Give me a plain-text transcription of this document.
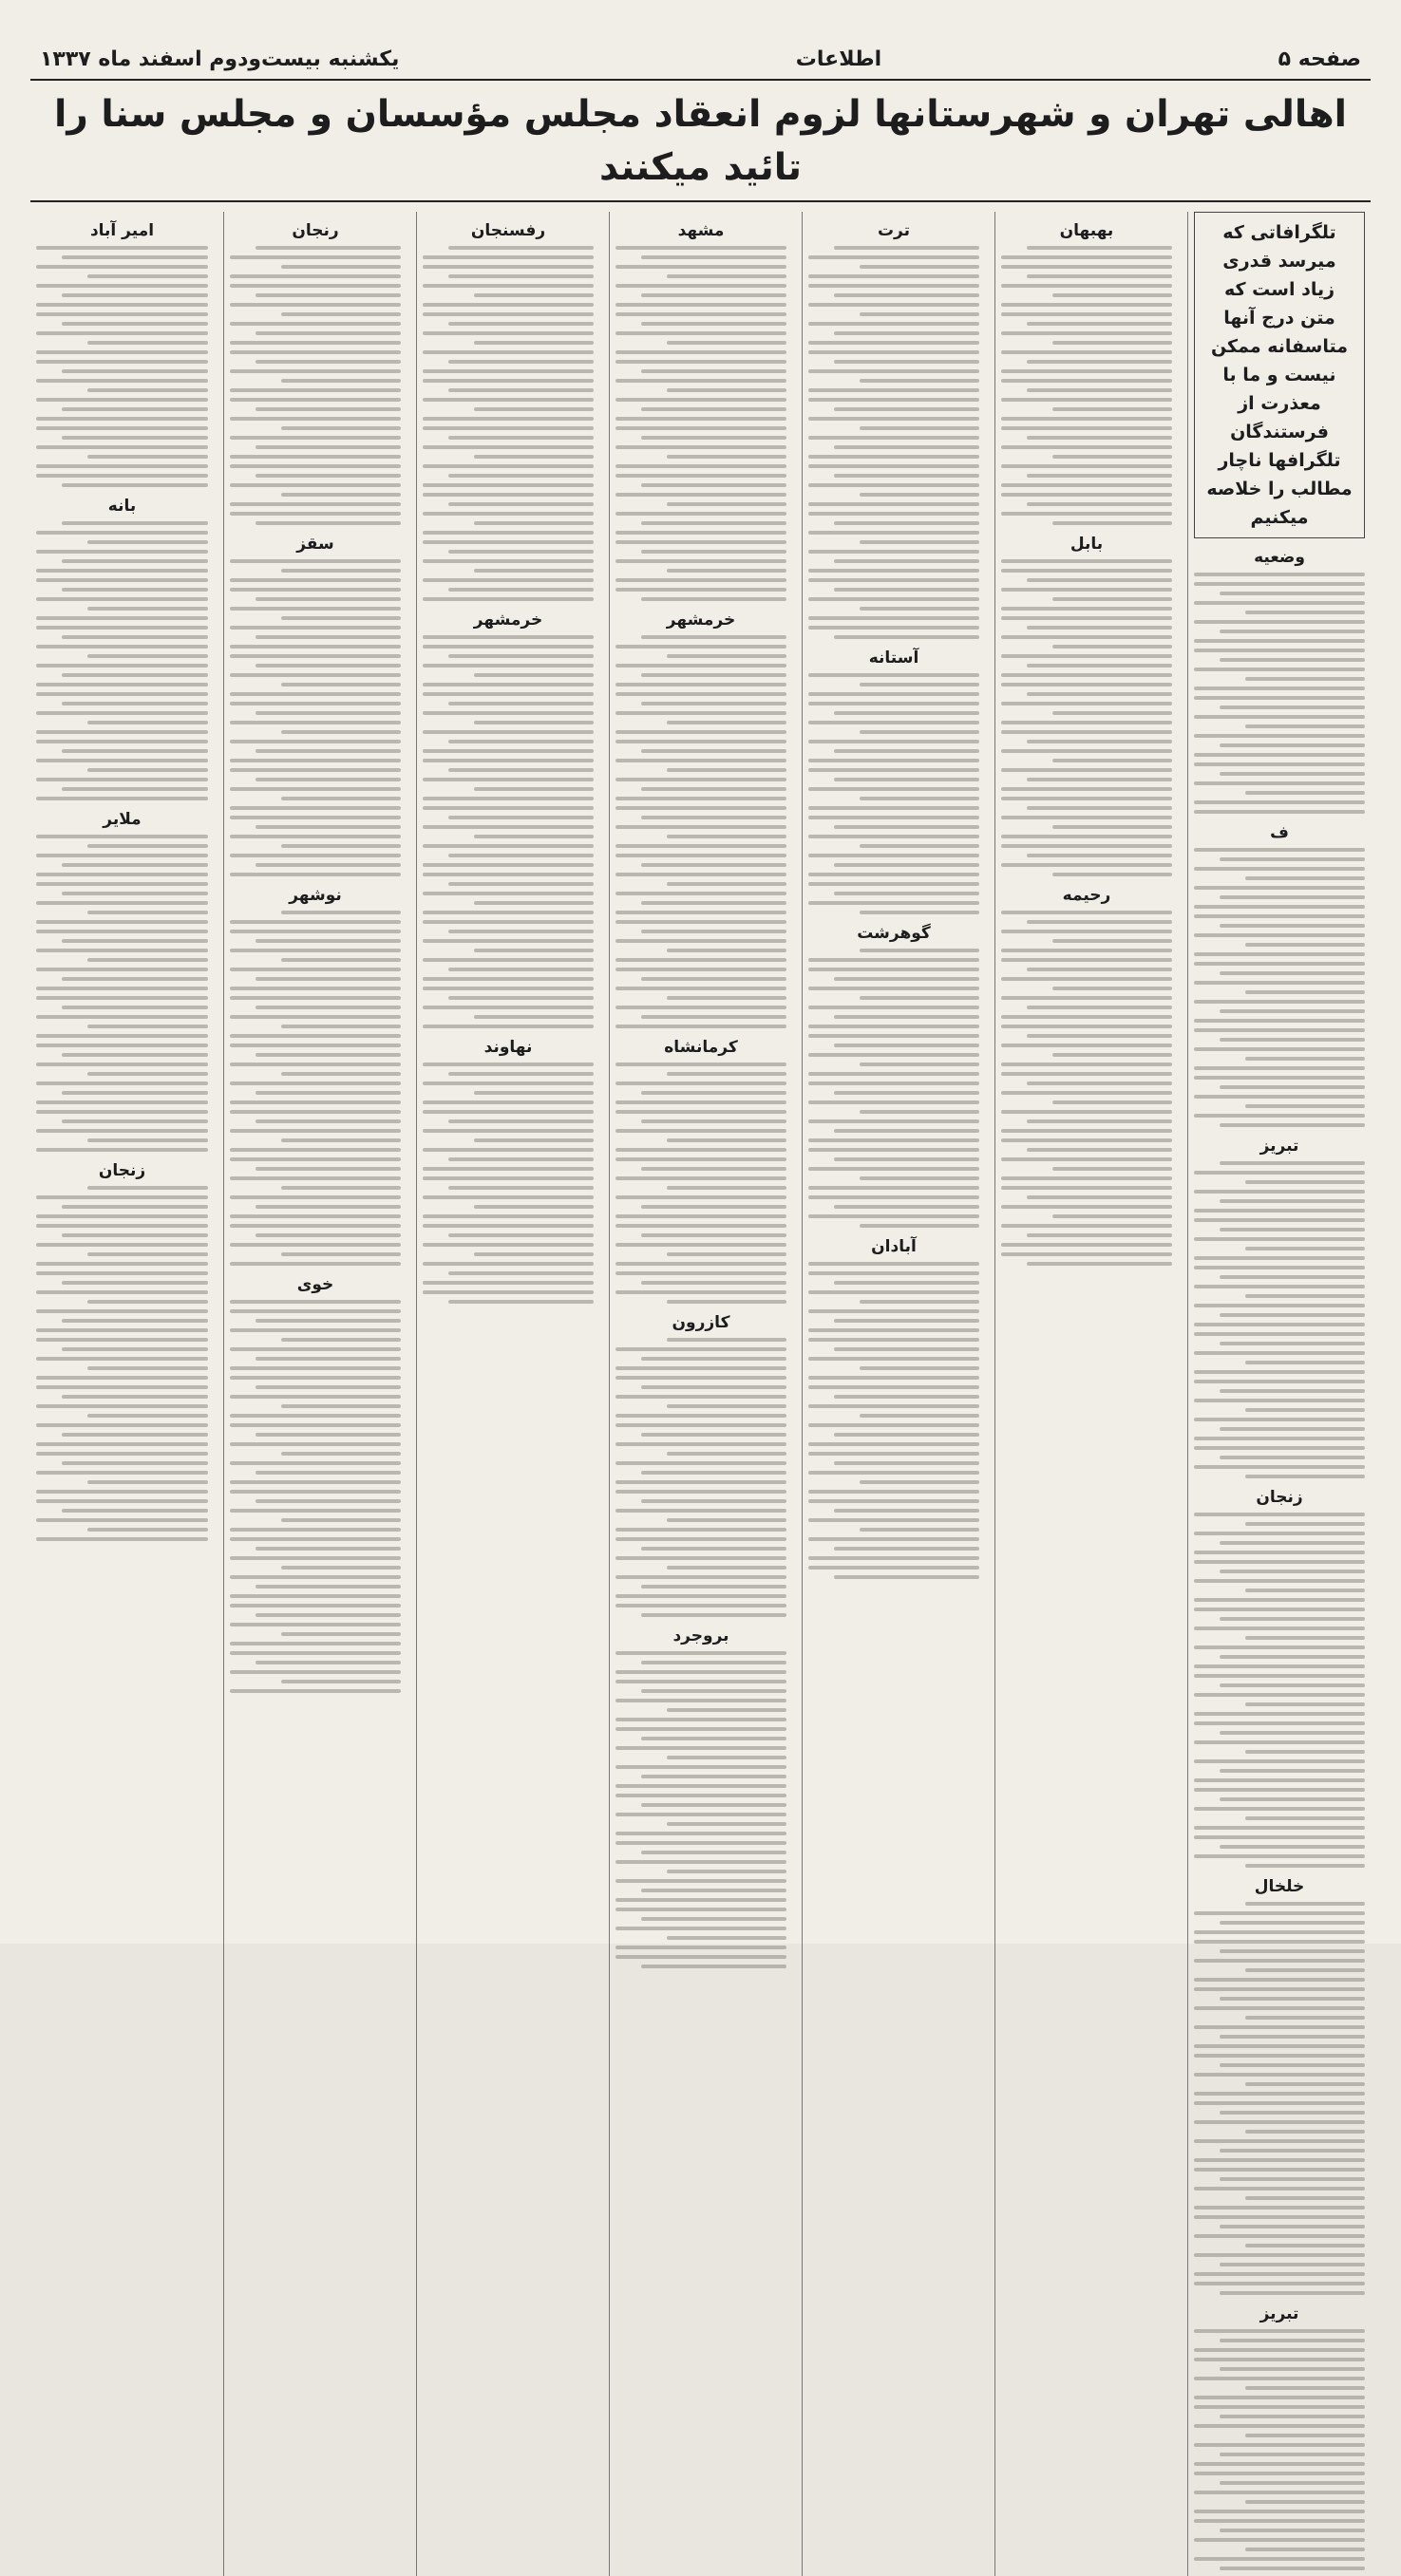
صفحه ۵
اطلاعات
یکشنبه بیست‌ودوم اسفند ماه ۱۳۳۷
اهالی تهران و شهرستانها لزوم انعقاد مجلس مؤسسان و مجلس سنا را تائید میکنند
تلگرافاتی که میرسد قدری زیاد است که متن درج آنها متاسفانه ممکن نیست و ما با معذرت از فرستندگان تلگرافها ناچار مطالب را خلاصه میکنیم
وضعیه
ف
تبریز
زنجان
خلخال
تبریز
بهبهان
بابل
رحیمه
ترت
آستانه
گوهرشت
آبادان
مشهد
خرمشهر
کرمانشاه
کازرون
بروجرد
رفسنجان
خرمشهر
نهاوند
رنجان
سقز
نوشهر
خوی
امیر آباد
بانه
ملایر
زنجان
